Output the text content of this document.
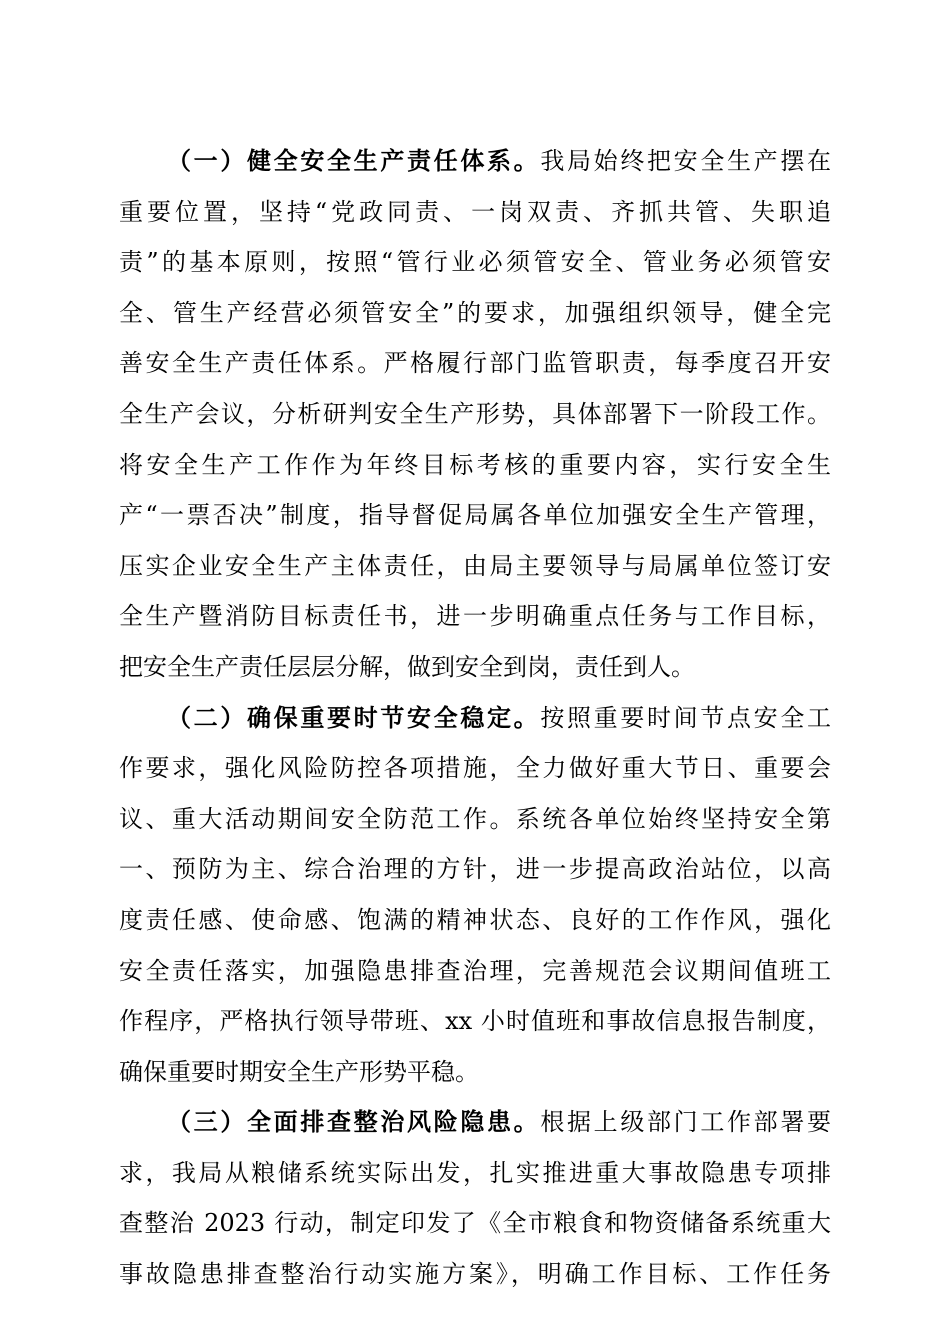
（一）健全安全生产责任体系。我局始终把安全生产摆在
重要位置，坚持“党政同责、一岗双责、齐抓共管、失职追
责”的基本原则，按照“管行业必须管安全、管业务必须管安
全、管生产经营必须管安全”的要求，加强组织领导，健全完
善安全生产责任体系。严格履行部门监管职责，每季度召开安
全生产会议，分析研判安全生产形势，具体部署下一阶段工作。
将安全生产工作作为年终目标考核的重要内容，实行安全生
产“一票否决”制度，指导督促局属各单位加强安全生产管理，
压实企业安全生产主体责任，由局主要领导与局属单位签订安
全生产暨消防目标责任书，进一步明确重点任务与工作目标，
把安全生产责任层层分解，做到安全到岗，责任到人。
（二）确保重要时节安全稳定。按照重要时间节点安全工
作要求，强化风险防控各项措施，全力做好重大节日、重要会
议、重大活动期间安全防范工作。系统各单位始终坚持安全第
一、预防为主、综合治理的方针，进一步提高政治站位，以高
度责任感、使命感、饱满的精神状态、良好的工作作风，强化
安全责任落实，加强隐患排查治理，完善规范会议期间值班工
作程序，严格执行领导带班、xx 小时值班和事故信息报告制度，
确保重要时期安全生产形势平稳。
（三）全面排查整治风险隐患。根据上级部门工作部署要
求，我局从粮储系统实际出发，扎实推进重大事故隐患专项排
查整治 2023 行动，制定印发了《全市粮食和物资储备系统重大
事故隐患排查整治行动实施方案》，明确工作目标、工作任务
